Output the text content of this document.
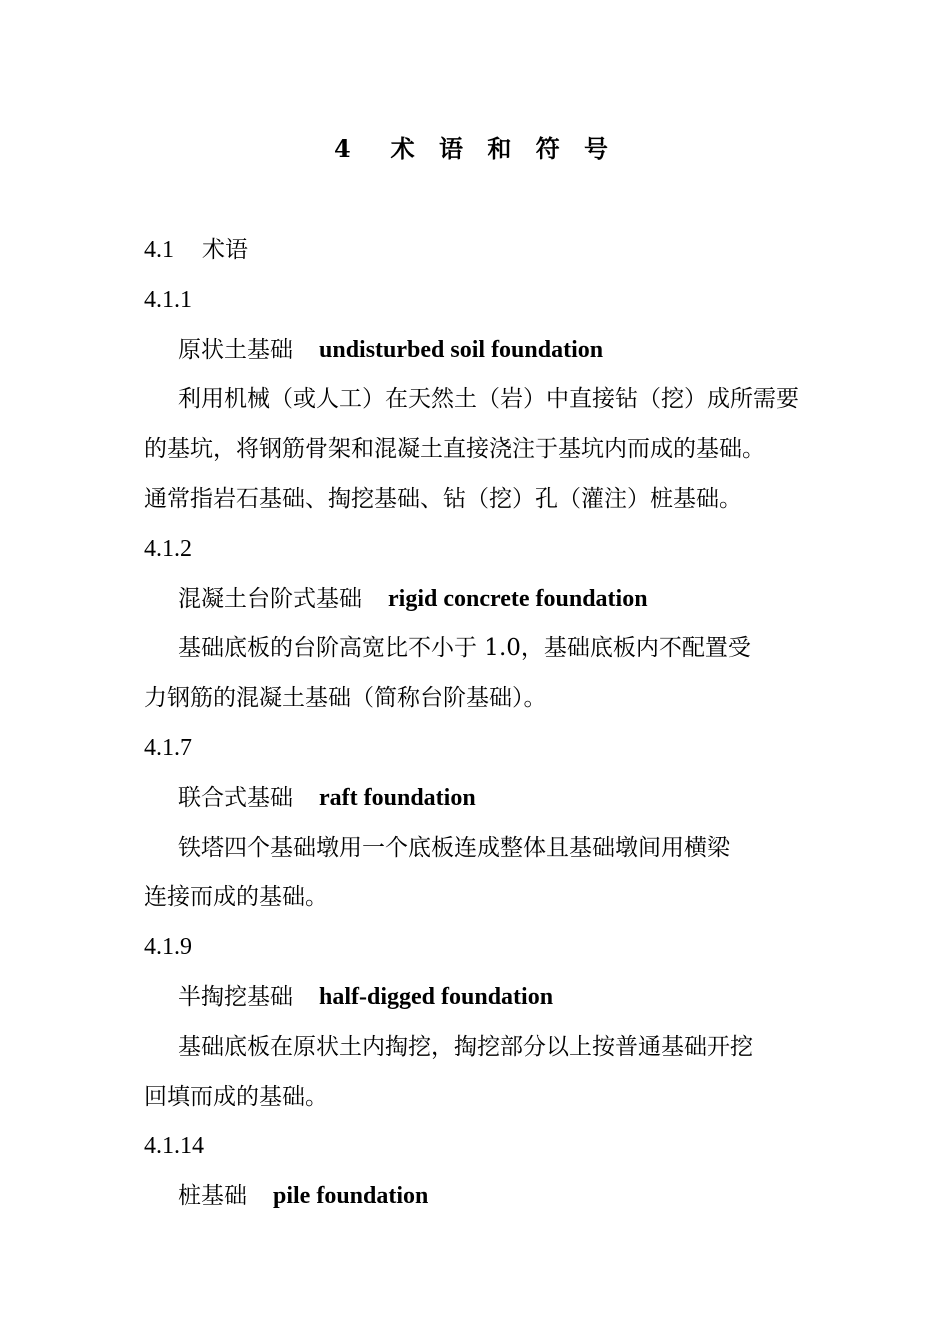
4　术 语 和 符 号
4.1 术语
4.1.1
原状土基础 undisturbed soil foundation
利用机械（或人工）在天然土（岩）中直接钻（挖）成所需要
的基坑，将钢筋骨架和混凝土直接浇注于基坑内而成的基础。
通常指岩石基础、掏挖基础、钻（挖）孔（灌注）桩基础。
4.1.2
混凝土台阶式基础 rigid concrete foundation
基础底板的台阶高宽比不小于 1.0，基础底板内不配置受
力钢筋的混凝土基础（简称台阶基础）。
4.1.7
联合式基础 raft foundation
铁塔四个基础墩用一个底板连成整体且基础墩间用横梁
连接而成的基础。
4.1.9
半掏挖基础 half-digged foundation
基础底板在原状土内掏挖，掏挖部分以上按普通基础开挖
回填而成的基础。
4.1.14
桩基础 pile foundation
